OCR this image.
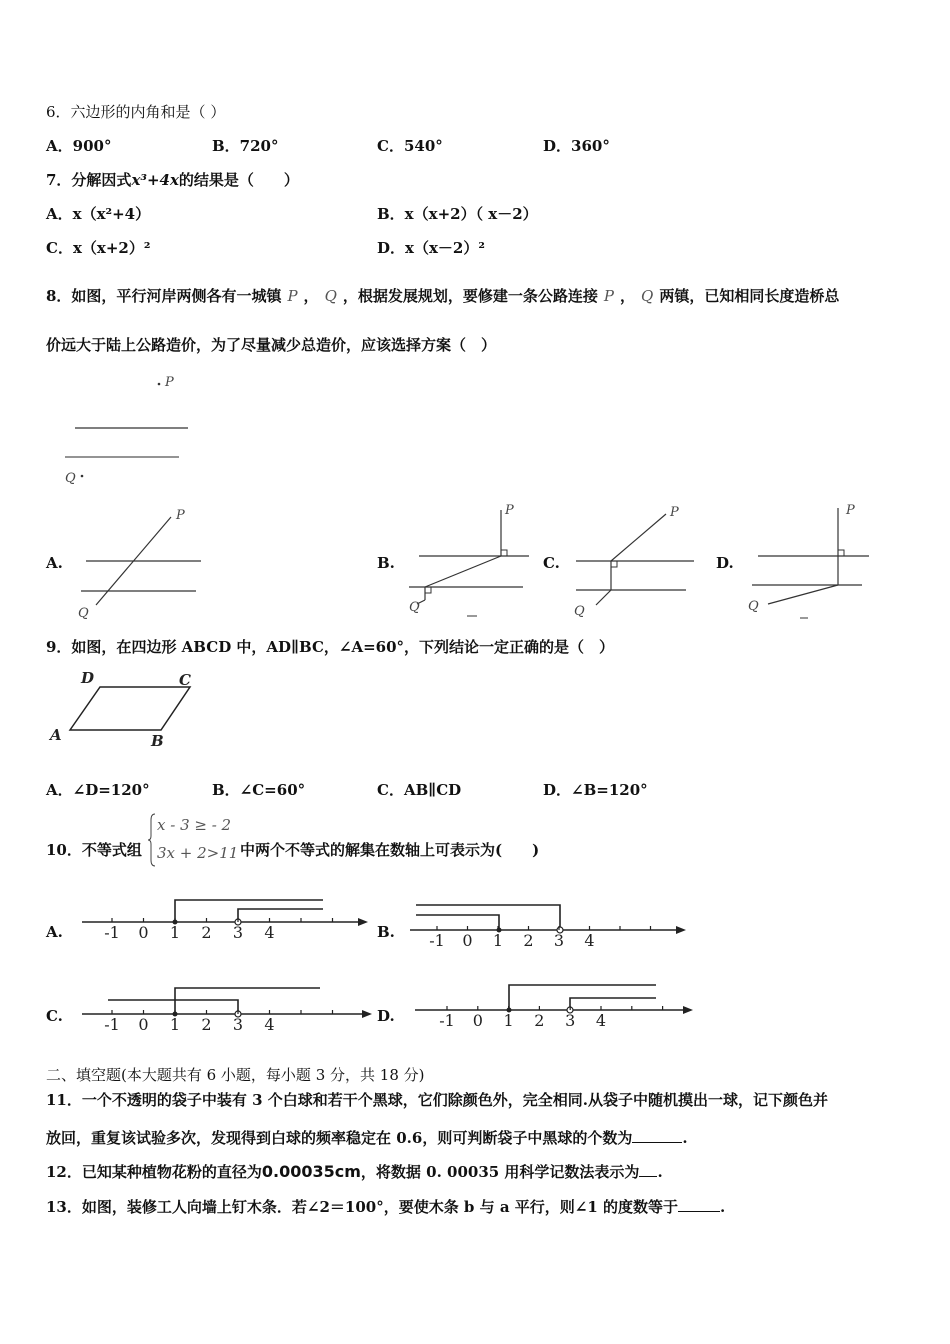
6．六边形的内角和是（ ）
A．900°	B．720°	C．540°	D．360°
7．分解因式x³+4x的结果是（　　）
A．x（x²+4）	B．x（x+2）（ x－2）
C．x（x+2）²	D．x（x－2）²
8．如图，平行河岸两侧各有一城镇 P ， Q ，根据发展规划，要修建一条公路连接 P ， Q 两镇，已知相同长度造桥总
价远大于陆上公路造价，为了尽量减少总造价，应该选择方案（　）
P
Q
A.
P
Q
B.
P
Q
C.
P
Q
D.
P
Q
9．如图，在四边形 ABCD 中，AD∥BC，∠A=60°，下列结论一定正确的是（　）
D	C
A	B
A．∠D=120°	B．∠C=60°	C．AB∥CD	D．∠B=120°
10．不等式组
x - 3 ≥ - 2
3x + 2>11 中两个不等式的解集在数轴上可表示为(　　)
A.	-1 0 1 2 3 4	B. -1 0 1 2 3 4
C.	-1 0 1 2 3 4	D.	-1 0 1 2 3 4
二、填空题(本大题共有 6 小题，每小题 3 分，共 18 分)
11．一个不透明的袋子中装有 3 个白球和若干个黑球，它们除颜色外，完全相同.从袋子中随机摸出一球，记下颜色并
放回，重复该试验多次，发现得到白球的频率稳定在 0.6，则可判断袋子中黑球的个数为	.
12．已知某种植物花粉的直径为0.00035cm，将数据 0. 00035 用科学记数法表示为 .
13．如图，装修工人向墙上钉木条．若∠2＝100°，要使木条 b 与 a 平行，则∠1 的度数等于	.
